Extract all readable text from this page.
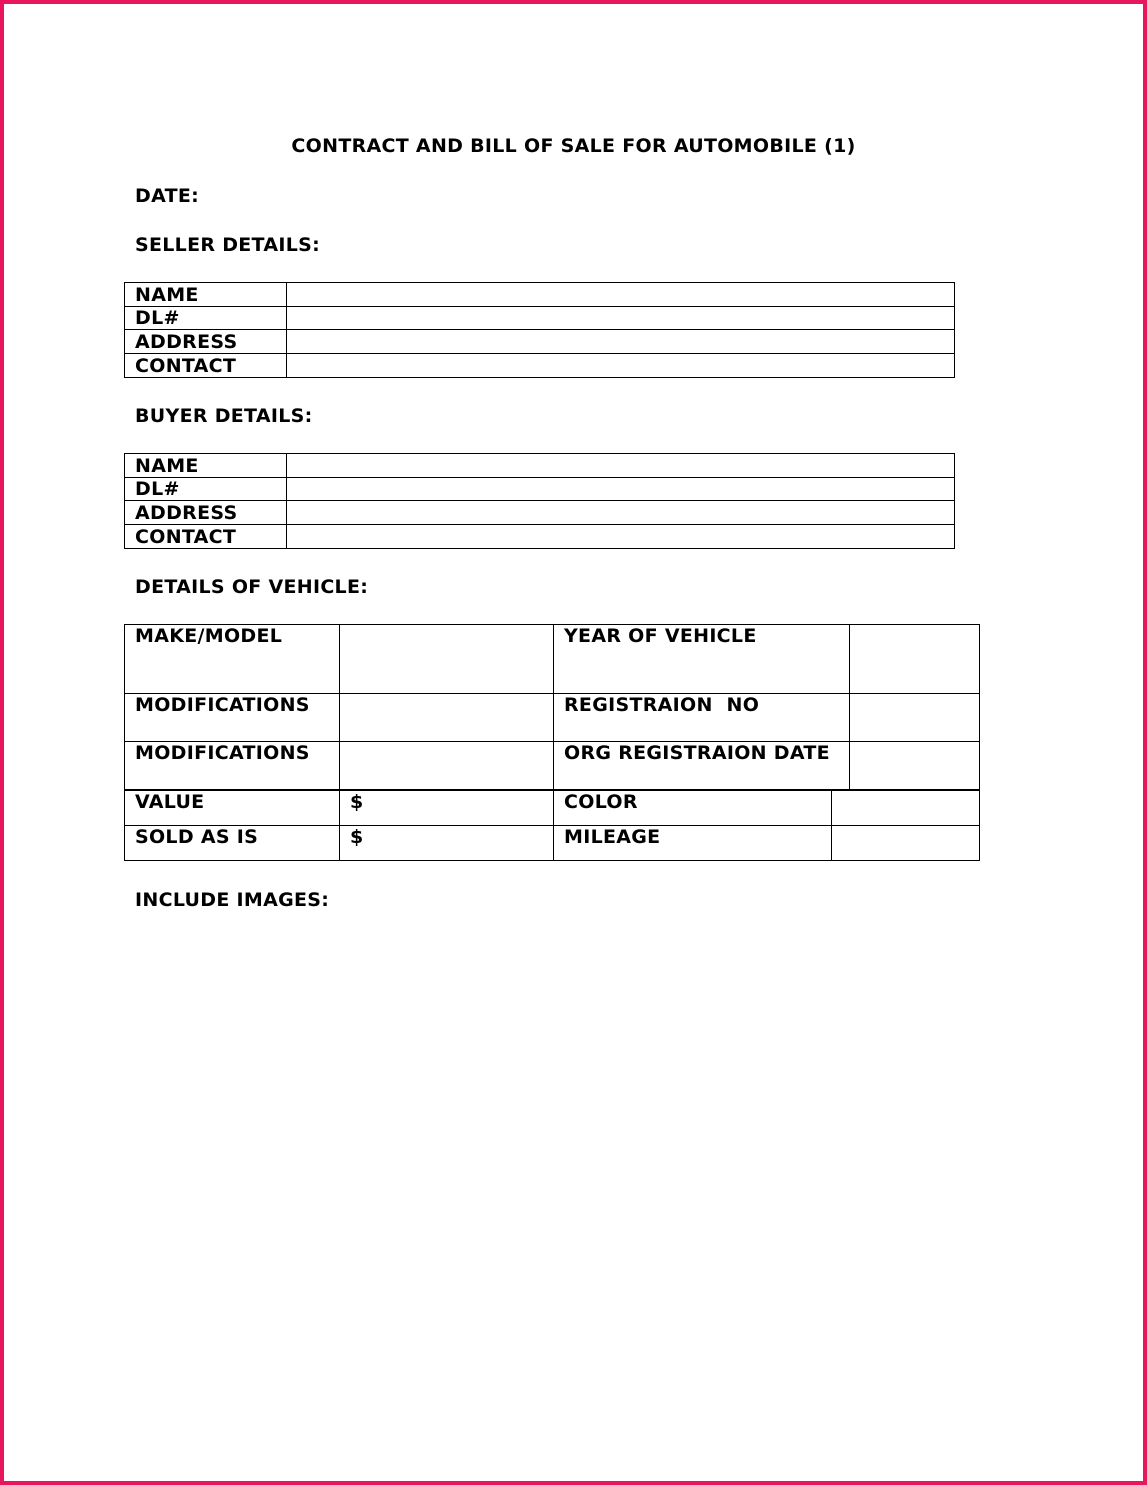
CONTRACT AND BILL OF SALE FOR AUTOMOBILE (1)
DATE:
SELLER DETAILS:
NAME	
DL#	
ADDRESS	
CONTACT	
BUYER DETAILS:
NAME	
DL#	
ADDRESS	
CONTACT	
DETAILS OF VEHICLE:
MAKE/MODEL		YEAR OF VEHICLE	
MODIFICATIONS		REGISTRAION  NO	
MODIFICATIONS		ORG REGISTRAION DATE	
VALUE	$	COLOR	
SOLD AS IS	$	MILEAGE	
INCLUDE IMAGES:
